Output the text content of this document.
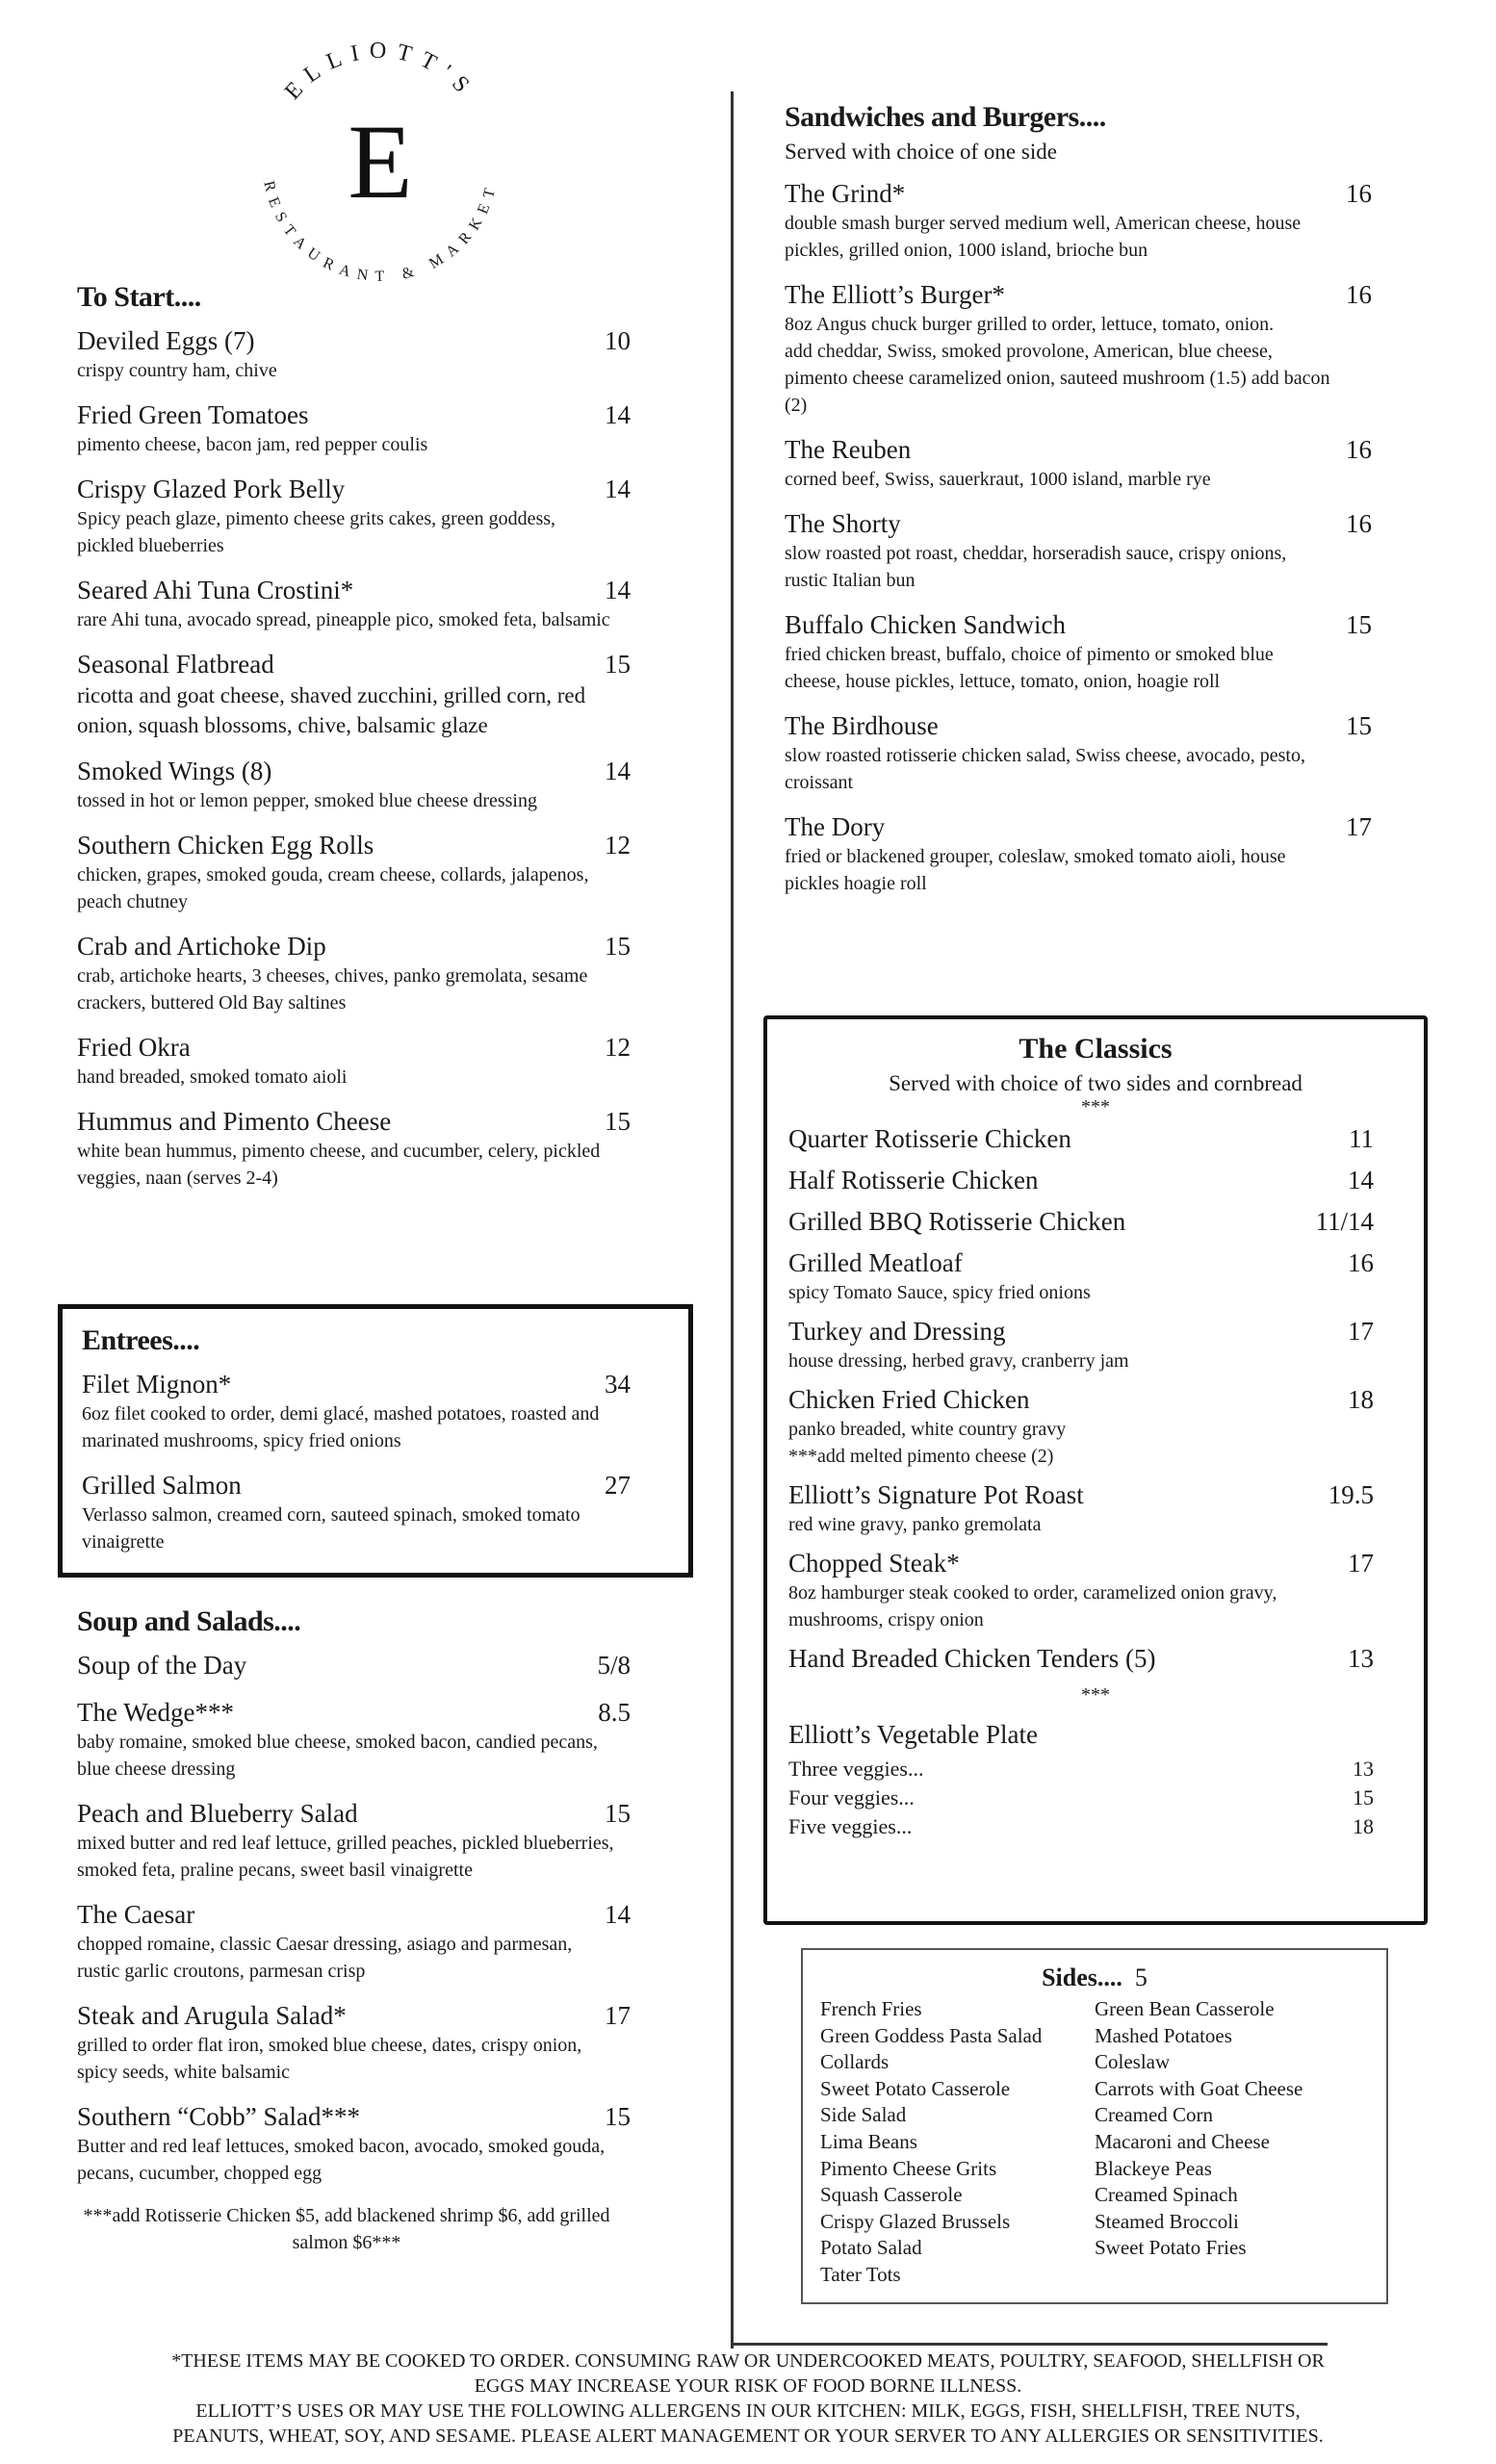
ELLIOTT'S
RESTAURANT & MARKET
E
To Start....
Deviled Eggs (7)	10
crispy country ham, chive
Fried Green Tomatoes	14
pimento cheese, bacon jam, red pepper coulis
Crispy Glazed Pork Belly	14
Spicy peach glaze, pimento cheese grits cakes, green goddess, pickled blueberries
Seared Ahi Tuna Crostini*	14
rare Ahi tuna, avocado spread, pineapple pico, smoked feta, balsamic
Seasonal Flatbread	15
ricotta and goat cheese, shaved zucchini, grilled corn, red onion, squash blossoms, chive, balsamic glaze
Smoked Wings (8)	14
tossed in hot or lemon pepper, smoked blue cheese dressing
Southern Chicken Egg Rolls	12
chicken, grapes, smoked gouda, cream cheese, collards, jalapenos, peach chutney
Crab and Artichoke Dip	15
crab, artichoke hearts, 3 cheeses, chives, panko gremolata, sesame crackers, buttered Old Bay saltines
Fried Okra	12
hand breaded, smoked tomato aioli
Hummus and Pimento Cheese	15
white bean hummus, pimento cheese, and cucumber, celery, pickled veggies, naan (serves 2-4)
Entrees....
Filet Mignon*	34
6oz filet cooked to order, demi glacé, mashed potatoes, roasted and marinated mushrooms, spicy fried onions
Grilled Salmon	27
Verlasso salmon, creamed corn, sauteed spinach, smoked tomato vinaigrette
Soup and Salads....
Soup of the Day	5/8
The Wedge***	8.5
baby romaine, smoked blue cheese, smoked bacon, candied pecans, blue cheese dressing
Peach and Blueberry Salad	15
mixed butter and red leaf lettuce, grilled peaches, pickled blueberries, smoked feta, praline pecans, sweet basil vinaigrette
The Caesar	14
chopped romaine, classic Caesar dressing, asiago and parmesan, rustic garlic croutons, parmesan crisp
Steak and Arugula Salad*	17
grilled to order flat iron, smoked blue cheese, dates, crispy onion, spicy seeds, white balsamic
Southern “Cobb” Salad***	15
Butter and red leaf lettuces, smoked bacon, avocado, smoked gouda, pecans, cucumber, chopped egg
***add Rotisserie Chicken $5, add blackened shrimp $6, add grilled salmon $6***
Sandwiches and Burgers....
Served with choice of one side
The Grind*	16
double smash burger served medium well, American cheese, house pickles, grilled onion, 1000 island, brioche bun
The Elliott’s Burger*	16
8oz Angus chuck burger grilled to order, lettuce, tomato, onion.
add cheddar, Swiss, smoked provolone, American, blue cheese, pimento cheese caramelized onion, sauteed mushroom (1.5) add bacon (2)
The Reuben	16
corned beef, Swiss, sauerkraut, 1000 island, marble rye
The Shorty	16
slow roasted pot roast, cheddar, horseradish sauce, crispy onions, rustic Italian bun
Buffalo Chicken Sandwich	15
fried chicken breast, buffalo, choice of pimento or smoked blue cheese, house pickles, lettuce, tomato, onion, hoagie roll
The Birdhouse	15
slow roasted rotisserie chicken salad, Swiss cheese, avocado, pesto, croissant
The Dory	17
fried or blackened grouper, coleslaw, smoked tomato aioli, house pickles hoagie roll
The Classics
Served with choice of two sides and cornbread
***
Quarter Rotisserie Chicken	11
Half Rotisserie Chicken	14
Grilled BBQ Rotisserie Chicken	11/14
Grilled Meatloaf	16
spicy Tomato Sauce, spicy fried onions
Turkey and Dressing	17
house dressing, herbed gravy, cranberry jam
Chicken Fried Chicken	18
panko breaded, white country gravy
***add melted pimento cheese (2)
Elliott’s Signature Pot Roast	19.5
red wine gravy, panko gremolata
Chopped Steak*	17
8oz hamburger steak cooked to order, caramelized onion gravy, mushrooms, crispy onion
Hand Breaded Chicken Tenders (5)	13
***
Elliott’s Vegetable Plate
Three veggies...	13
Four veggies...	15
Five veggies...	18
Sides.... 5
French Fries
Green Goddess Pasta Salad
Collards
Sweet Potato Casserole
Side Salad
Lima Beans
Pimento Cheese Grits
Squash Casserole
Crispy Glazed Brussels
Potato Salad
Tater Tots
Green Bean Casserole
Mashed Potatoes
Coleslaw
Carrots with Goat Cheese
Creamed Corn
Macaroni and Cheese
Blackeye Peas
Creamed Spinach
Steamed Broccoli
Sweet Potato Fries
*THESE ITEMS MAY BE COOKED TO ORDER. CONSUMING RAW OR UNDERCOOKED MEATS, POULTRY, SEAFOOD, SHELLFISH OR
EGGS MAY INCREASE YOUR RISK OF FOOD BORNE ILLNESS.
ELLIOTT’S USES OR MAY USE THE FOLLOWING ALLERGENS IN OUR KITCHEN: MILK, EGGS, FISH, SHELLFISH, TREE NUTS,
PEANUTS, WHEAT, SOY, AND SESAME. PLEASE ALERT MANAGEMENT OR YOUR SERVER TO ANY ALLERGIES OR SENSITIVITIES.
